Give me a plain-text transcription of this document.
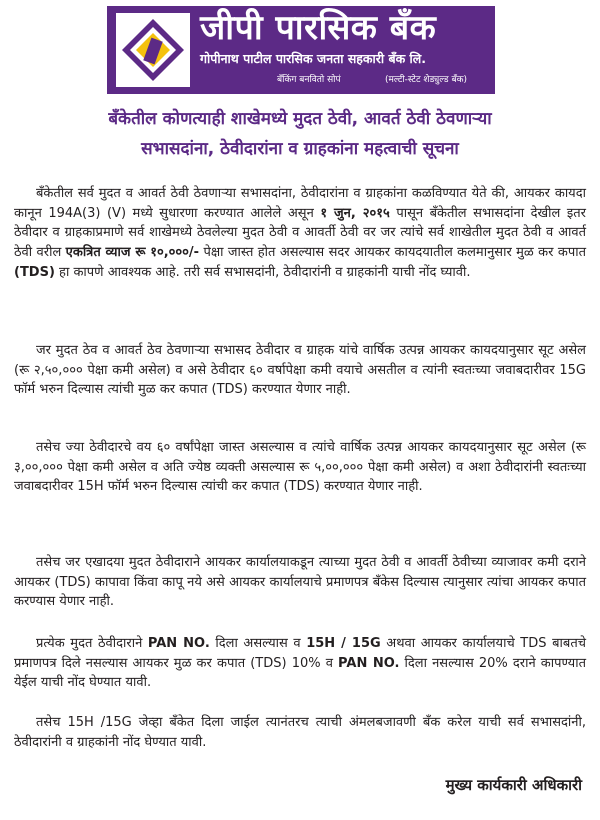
जीपी पारसिक बँक
गोपीनाथ पाटील पारसिक जनता सहकारी बँक लि.
बँकिंग बनवितो सोपं	(मल्टी-स्टेट शेड्युल्ड बँक)
बँकेतील कोणत्याही शाखेमध्ये मुदत ठेवी, आवर्त ठेवी ठेवणाऱ्या
सभासदांना, ठेवीदारांना व ग्राहकांना महत्वाची सूचना
बँकेतील सर्व मुदत व आवर्त ठेवी ठेवणाऱ्या सभासदांना, ठेवीदारांना व ग्राहकांना कळविण्यात येते की, आयकर कायदा कानून 194A(3) (V) मध्ये सुधारणा करण्यात आलेले असून १ जुन, २०१५ पासून बँकेतील सभासदांना देखील इतर ठेवीदार व ग्राहकाप्रमाणे सर्व शाखेमध्ये ठेवलेल्या मुदत ठेवी व आवर्ती ठेवी वर जर त्यांचे सर्व शाखेतील मुदत ठेवी व आवर्त ठेवी वरील एकत्रित व्याज रू १०,०००/- पेक्षा जास्त होत असल्यास सदर आयकर कायदयातील कलमानुसार मुळ कर कपात (TDS) हा कापणे आवश्यक आहे. तरी सर्व सभासदांनी, ठेवीदारांनी व ग्राहकांनी याची नोंद घ्यावी.
जर मुदत ठेव व आवर्त ठेव ठेवणाऱ्या सभासद ठेवीदार व ग्राहक यांचे वार्षिक उत्पन्न आयकर कायदयानुसार सूट असेल (रू २,५०,००० पेक्षा कमी असेल) व असे ठेवीदार ६० वर्षापेक्षा कमी वयाचे असतील व त्यांनी स्वतःच्या जवाबदारीवर 15G फॉर्म भरुन दिल्यास त्यांची मुळ कर कपात (TDS) करण्यात येणार नाही.
तसेच ज्या ठेवीदारचे वय ६० वर्षांपेक्षा जास्त असल्यास व त्यांचे वार्षिक उत्पन्न आयकर कायदयानुसार सूट असेल (रू ३,००,००० पेक्षा कमी असेल व अति ज्येष्ठ व्यक्ती असल्यास रू ५,००,००० पेक्षा कमी असेल) व अशा ठेवीदारांनी स्वतःच्या जवाबदारीवर 15H फॉर्म भरुन दिल्यास त्यांची कर कपात (TDS) करण्यात येणार नाही.
तसेच जर एखादया मुदत ठेवीदाराने आयकर कार्यालयाकडून त्याच्या मुदत ठेवी व आवर्ती ठेवीच्या व्याजावर कमी दराने आयकर (TDS) कापावा किंवा कापू नये असे आयकर कार्यालयाचे प्रमाणपत्र बँकेस दिल्यास त्यानुसार त्यांचा आयकर कपात करण्यास येणार नाही.
प्रत्येक मुदत ठेवीदाराने PAN NO. दिला असल्यास व 15H / 15G अथवा आयकर कार्यालयाचे TDS बाबतचे प्रमाणपत्र दिले नसल्यास आयकर मुळ कर कपात (TDS) 10% व PAN NO. दिला नसल्यास 20% दराने कापण्यात येईल याची नोंद घेण्यात यावी.
तसेच 15H /15G जेव्हा बँकेत दिला जाईल त्यानंतरच त्याची अंमलबजावणी बँक करेल याची सर्व सभासदांनी, ठेवीदारांनी व ग्राहकांनी नोंद घेण्यात यावी.
मुख्य कार्यकारी अधिकारी
